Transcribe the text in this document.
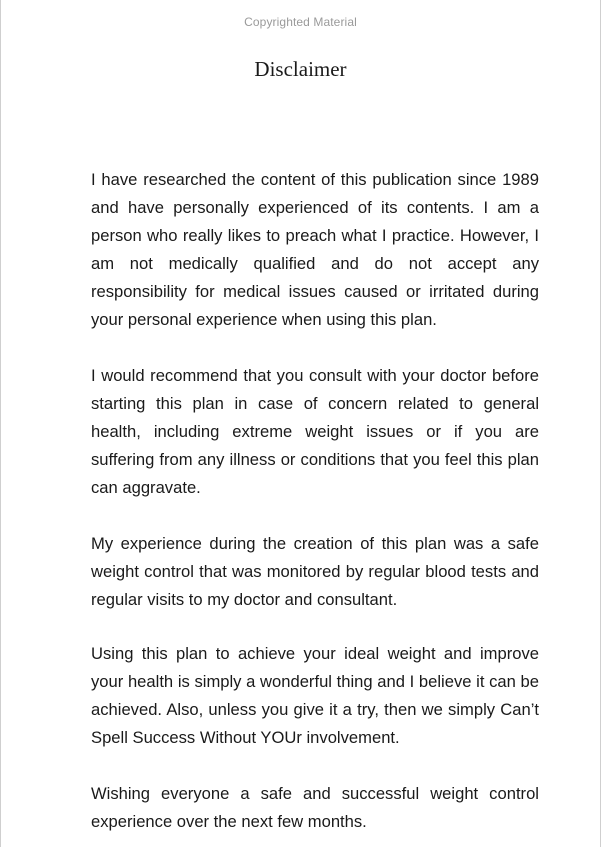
Copyrighted Material
Disclaimer

I have researched the content of this publication since 1989 and have personally experienced of its contents. I am a person who really likes to preach what I practice. However, I am not medically qualified and do not accept any responsibility for medical issues caused or irritated during your personal experience when using this plan.

I would recommend that you consult with your doctor before starting this plan in case of concern related to general health, including extreme weight issues or if you are suffering from any illness or conditions that you feel this plan can aggravate.

My experience during the creation of this plan was a safe weight control that was monitored by regular blood tests and regular visits to my doctor and consultant.

Using this plan to achieve your ideal weight and improve your health is simply a wonderful thing and I believe it can be achieved. Also, unless you give it a try, then we simply Can’t Spell Success Without YOUr involvement.

Wishing everyone a safe and successful weight control experience over the next few months.
